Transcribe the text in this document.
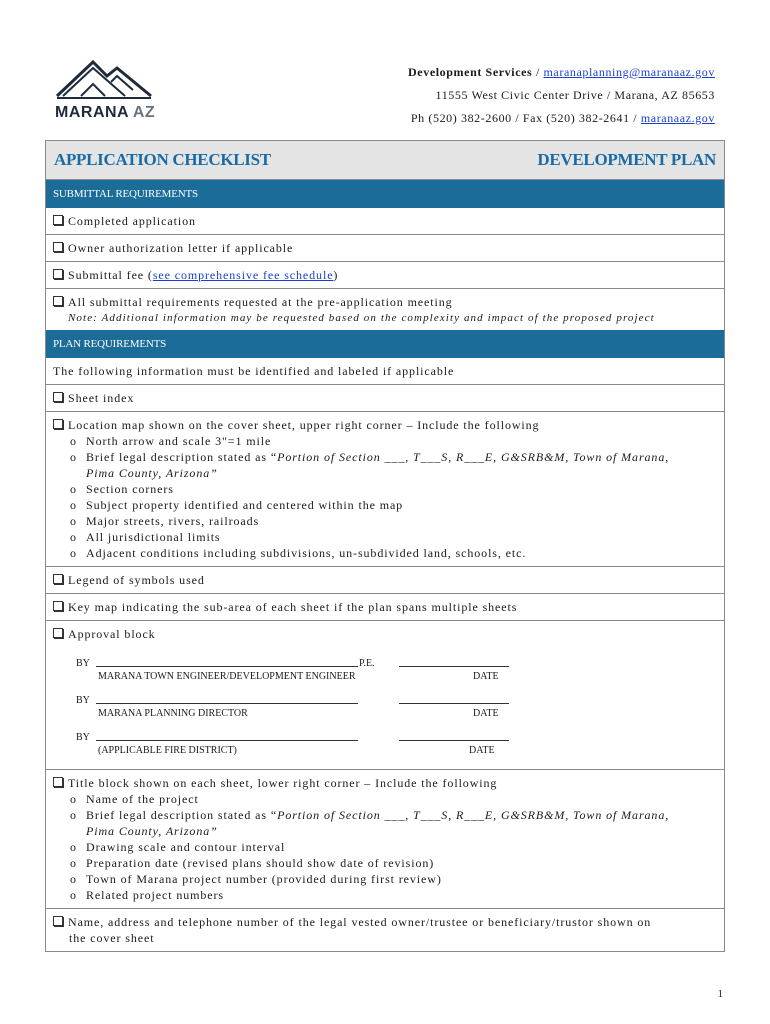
MARANA AZ
Development Services / maranaplanning@maranaaz.gov
11555 West Civic Center Drive / Marana, AZ 85653
Ph (520) 382-2600 / Fax (520) 382-2641 / maranaaz.gov
APPLICATION CHECKLIST	DEVELOPMENT PLAN
SUBMITTAL REQUIREMENTS
Completed application
Owner authorization letter if applicable
Submittal fee (see comprehensive fee schedule)
All submittal requirements requested at the pre-application meeting
Note: Additional information may be requested based on the complexity and impact of the proposed project
PLAN REQUIREMENTS
The following information must be identified and labeled if applicable
Sheet index
Location map shown on the cover sheet, upper right corner – Include the following
o North arrow and scale 3"=1 mile
o Brief legal description stated as “Portion of Section ___, T___S, R___E, G&SRB&M, Town of Marana,
Pima County, Arizona”
o Section corners
o Subject property identified and centered within the map
o Major streets, rivers, railroads
o All jurisdictional limits
o Adjacent conditions including subdivisions, un-subdivided land, schools, etc.
Legend of symbols used
Key map indicating the sub-area of each sheet if the plan spans multiple sheets
Approval block
BY	P.E.
MARANA TOWN ENGINEER/DEVELOPMENT ENGINEER	DATE
BY
MARANA PLANNING DIRECTOR	DATE
BY
(APPLICABLE FIRE DISTRICT)	DATE
Title block shown on each sheet, lower right corner – Include the following
o Name of the project
o Brief legal description stated as “Portion of Section ___, T___S, R___E, G&SRB&M, Town of Marana,
Pima County, Arizona”
o Drawing scale and contour interval
o Preparation date (revised plans should show date of revision)
o Town of Marana project number (provided during first review)
o Related project numbers
Name, address and telephone number of the legal vested owner/trustee or beneficiary/trustor shown on
the cover sheet
1
